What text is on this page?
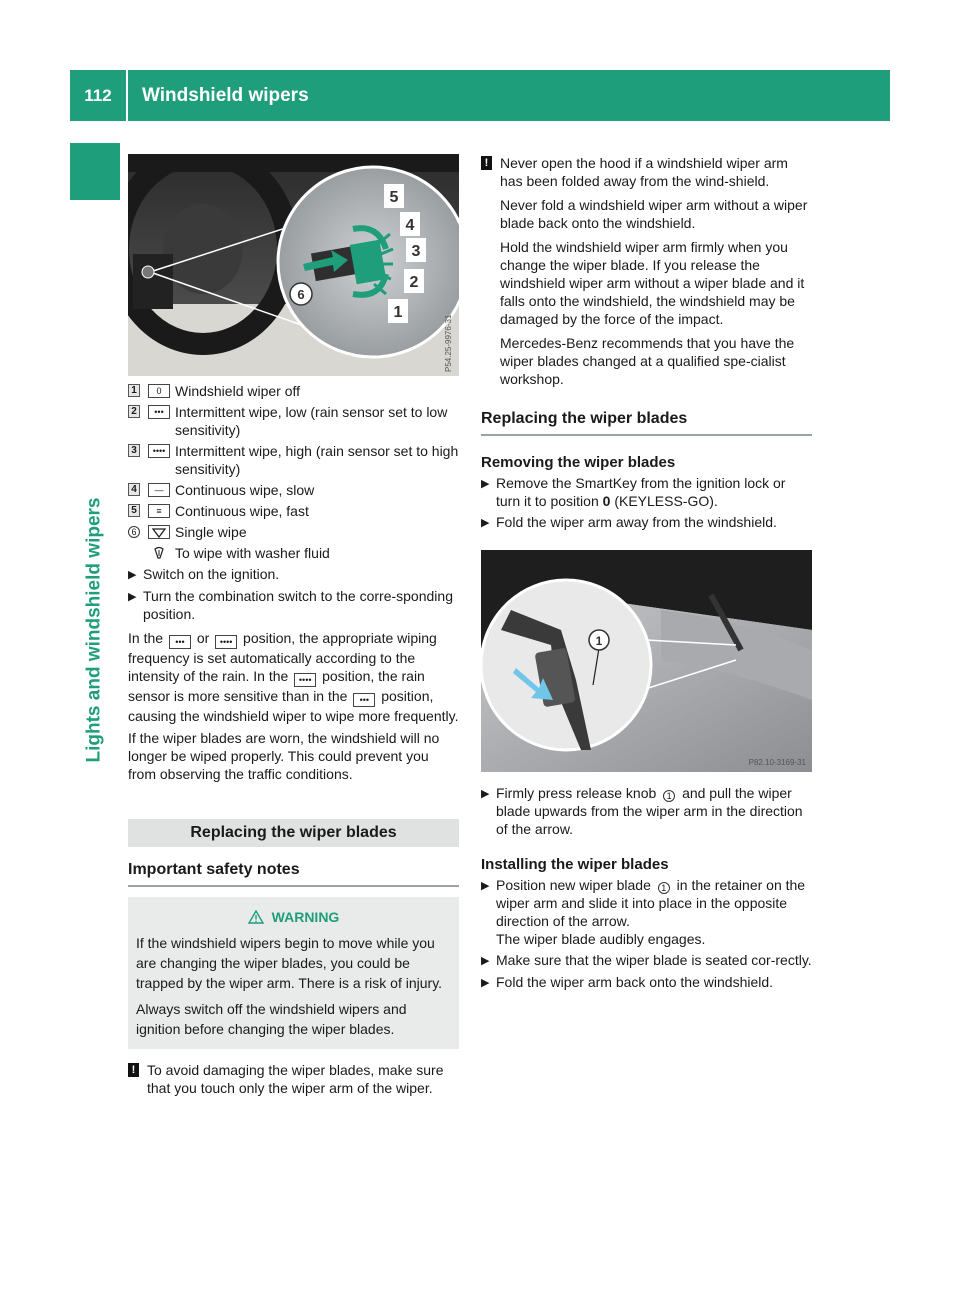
112	Windshield wipers
Lights and windshield wipers
5
4
3
2
1
6
P54.25-9976-31
1	0 Windshield wiper off
2	••• Intermittent wipe, low (rain sensor set to low sensitivity)
3	•••• Intermittent wipe, high (rain sensor set to high sensitivity)
4	— Continuous wipe, slow
5	≡ Continuous wipe, fast
6	Single wipe
To wipe with washer fluid
▶ Switch on the ignition.
▶ Turn the combination switch to the corre-sponding position.

In the ••• or •••• position, the appropriate wiping frequency is set automatically according to the intensity of the rain. In the •••• position, the rain sensor is more sensitive than in the ••• position, causing the windshield wiper to wipe more frequently.

If the wiper blades are worn, the windshield will no longer be wiped properly. This could prevent you from observing the traffic conditions.

Replacing the wiper blades
Important safety notes
WARNING

If the windshield wipers begin to move while you are changing the wiper blades, you could be trapped by the wiper arm. There is a risk of injury.

Always switch off the windshield wipers and ignition before changing the wiper blades.

! To avoid damaging the wiper blades, make sure that you touch only the wiper arm of the wiper.
! Never open the hood if a windshield wiper arm has been folded away from the wind-shield.

Never fold a windshield wiper arm without a wiper blade back onto the windshield.

Hold the windshield wiper arm firmly when you change the wiper blade. If you release the windshield wiper arm without a wiper blade and it falls onto the windshield, the windshield may be damaged by the force of the impact.

Mercedes-Benz recommends that you have the wiper blades changed at a qualified spe-cialist workshop.

Replacing the wiper blades
Removing the wiper blades
▶ Remove the SmartKey from the ignition lock or turn it to position 0 (KEYLESS-GO).
▶ Fold the wiper arm away from the windshield.
1
P82.10-3169-31
▶ Firmly press release knob 1 and pull the wiper blade upwards from the wiper arm in the direction of the arrow.
Installing the wiper blades
▶ Position new wiper blade 1 in the retainer on the wiper arm and slide it into place in the opposite direction of the arrow.
The wiper blade audibly engages.
▶ Make sure that the wiper blade is seated cor-rectly.
▶ Fold the wiper arm back onto the windshield.
